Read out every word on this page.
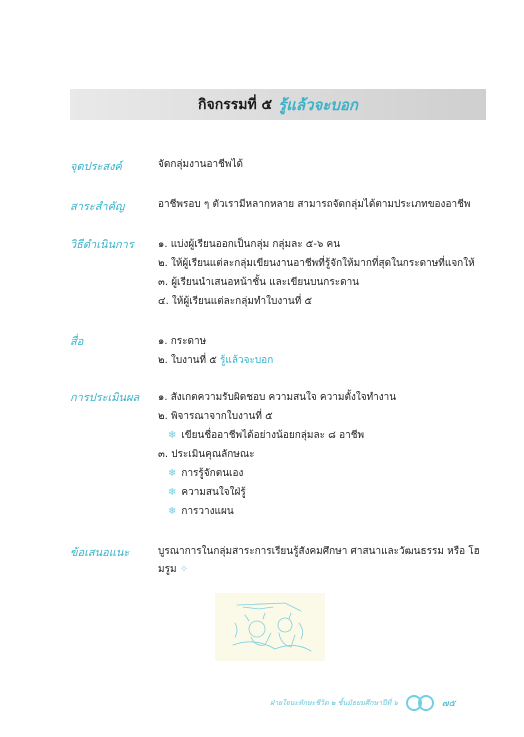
กิจกรรมที่ ๕ รู้แล้วจะบอก
จุดประสงค์	จัดกลุ่มงานอาชีพได้
สาระสำคัญ	อาชีพรอบ ๆ ตัวเรามีหลากหลาย สามารถจัดกลุ่มได้ตามประเภทของอาชีพ
วิธีดำเนินการ	๑. แบ่งผู้เรียนออกเป็นกลุ่ม กลุ่มละ ๕-๖ คน
๒. ให้ผู้เรียนแต่ละกลุ่มเขียนงานอาชีพที่รู้จักให้มากที่สุดในกระดาษที่แจกให้
๓. ผู้เรียนนำเสนอหน้าชั้น และเขียนบนกระดาน
๔. ให้ผู้เรียนแต่ละกลุ่มทำใบงานที่ ๕
สื่อ	๑. กระดาษ
๒. ใบงานที่ ๕ รู้แล้วจะบอก
การประเมินผล	๑. สังเกตความรับผิดชอบ ความสนใจ ความตั้งใจทำงาน
๒. พิจารณาจากใบงานที่ ๕
❄ เขียนชื่ออาชีพได้อย่างน้อยกลุ่มละ ๘ อาชีพ
๓. ประเมินคุณลักษณะ
❄ การรู้จักตนเอง
❄ ความสนใจใฝ่รู้
❄ การวางแผน
ข้อเสนอแนะ	บูรณาการในกลุ่มสาระการเรียนรู้สังคมศึกษา ศาสนาและวัฒนธรรม หรือ โฮมรูม ✧
ฝ่ายใจนะทักษะชีวิต ๒ ชั้นมัธยมศึกษาปีที่ ๖	๗๕
